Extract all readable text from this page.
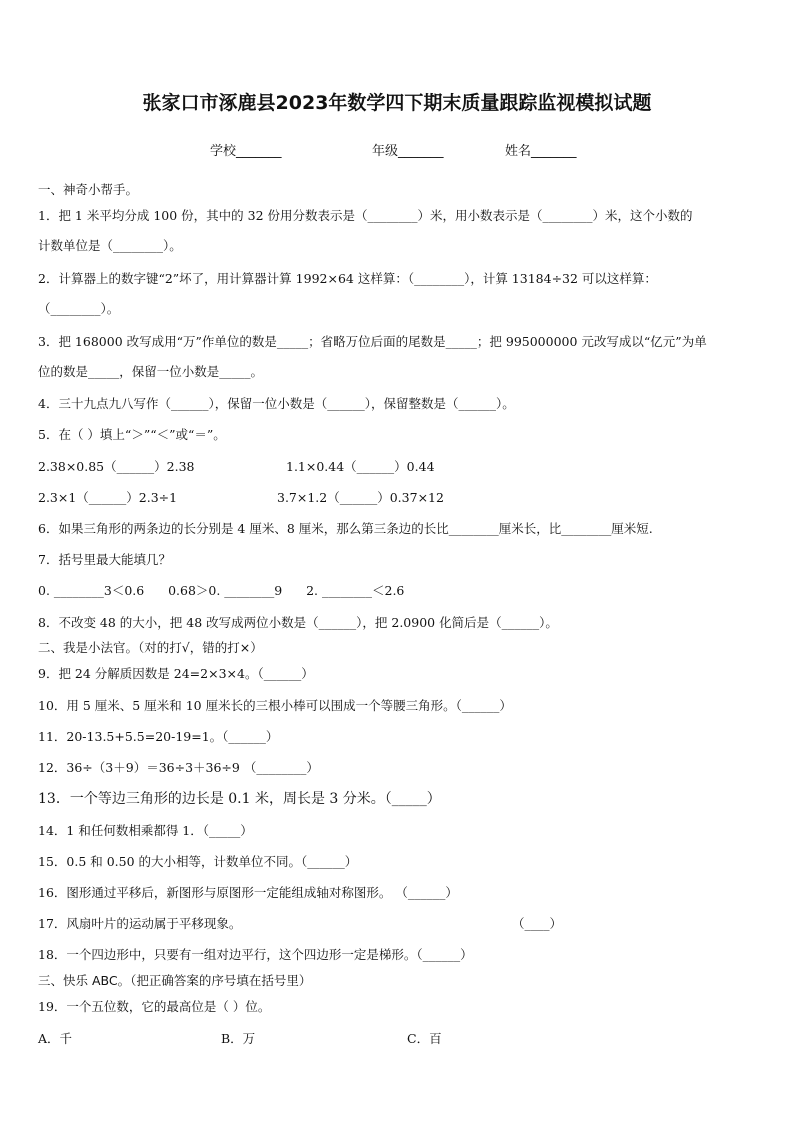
张家口市涿鹿县2023年数学四下期末质量跟踪监视模拟试题
学校_______	年级_______	姓名_______
一、神奇小帮手。
1．把 1 米平均分成 100 份，其中的 32 份用分数表示是（________）米，用小数表示是（________）米，这个小数的
计数单位是（________）。
2．计算器上的数字键“2”坏了，用计算器计算 1992×64 这样算：（________），计算 13184÷32 可以这样算：
（________）。
3．把 168000 改写成用“万”作单位的数是_____；省略万位后面的尾数是_____；把 995000000 元改写成以“亿元”为单
位的数是_____，保留一位小数是_____。
4．三十九点九八写作（______），保留一位小数是（______），保留整数是（______）。
5．在（ ）填上“＞”“＜”或“＝”。
2.38×0.85（______）2.38	1.1×0.44（______）0.44
2.3×1（______）2.3÷1	3.7×1.2（______）0.37×12
6．如果三角形的两条边的长分别是 4 厘米、8 厘米，那么第三条边的长比________厘米长，比________厘米短.
7．括号里最大能填几？
0. ________3＜0.6      0.68＞0. ________9      2. ________＜2.6
8．不改变 48 的大小，把 48 改写成两位小数是（______），把 2.0900 化简后是（______）。
二、我是小法官。（对的打√，错的打×）
9．把 24 分解质因数是 24=2×3×4。（______）
10．用 5 厘米、5 厘米和 10 厘米长的三根小棒可以围成一个等腰三角形。（______）
11．20-13.5+5.5=20-19=1。（______）
12．36÷（3＋9）＝36÷3＋36÷9 （________）
13．一个等边三角形的边长是 0.1 米，周长是 3 分米。（_____）
14．1 和任何数相乘都得 1．（_____）
15．0.5 和 0.50 的大小相等，计数单位不同。（______）
16．图形通过平移后，新图形与原图形一定能组成轴对称图形。 （______）
17．风扇叶片的运动属于平移现象。	（____）
18．一个四边形中，只要有一组对边平行，这个四边形一定是梯形。（______）
三、快乐 ABC。（把正确答案的序号填在括号里）
19．一个五位数，它的最高位是（ ）位。
A．千	B．万	C．百
